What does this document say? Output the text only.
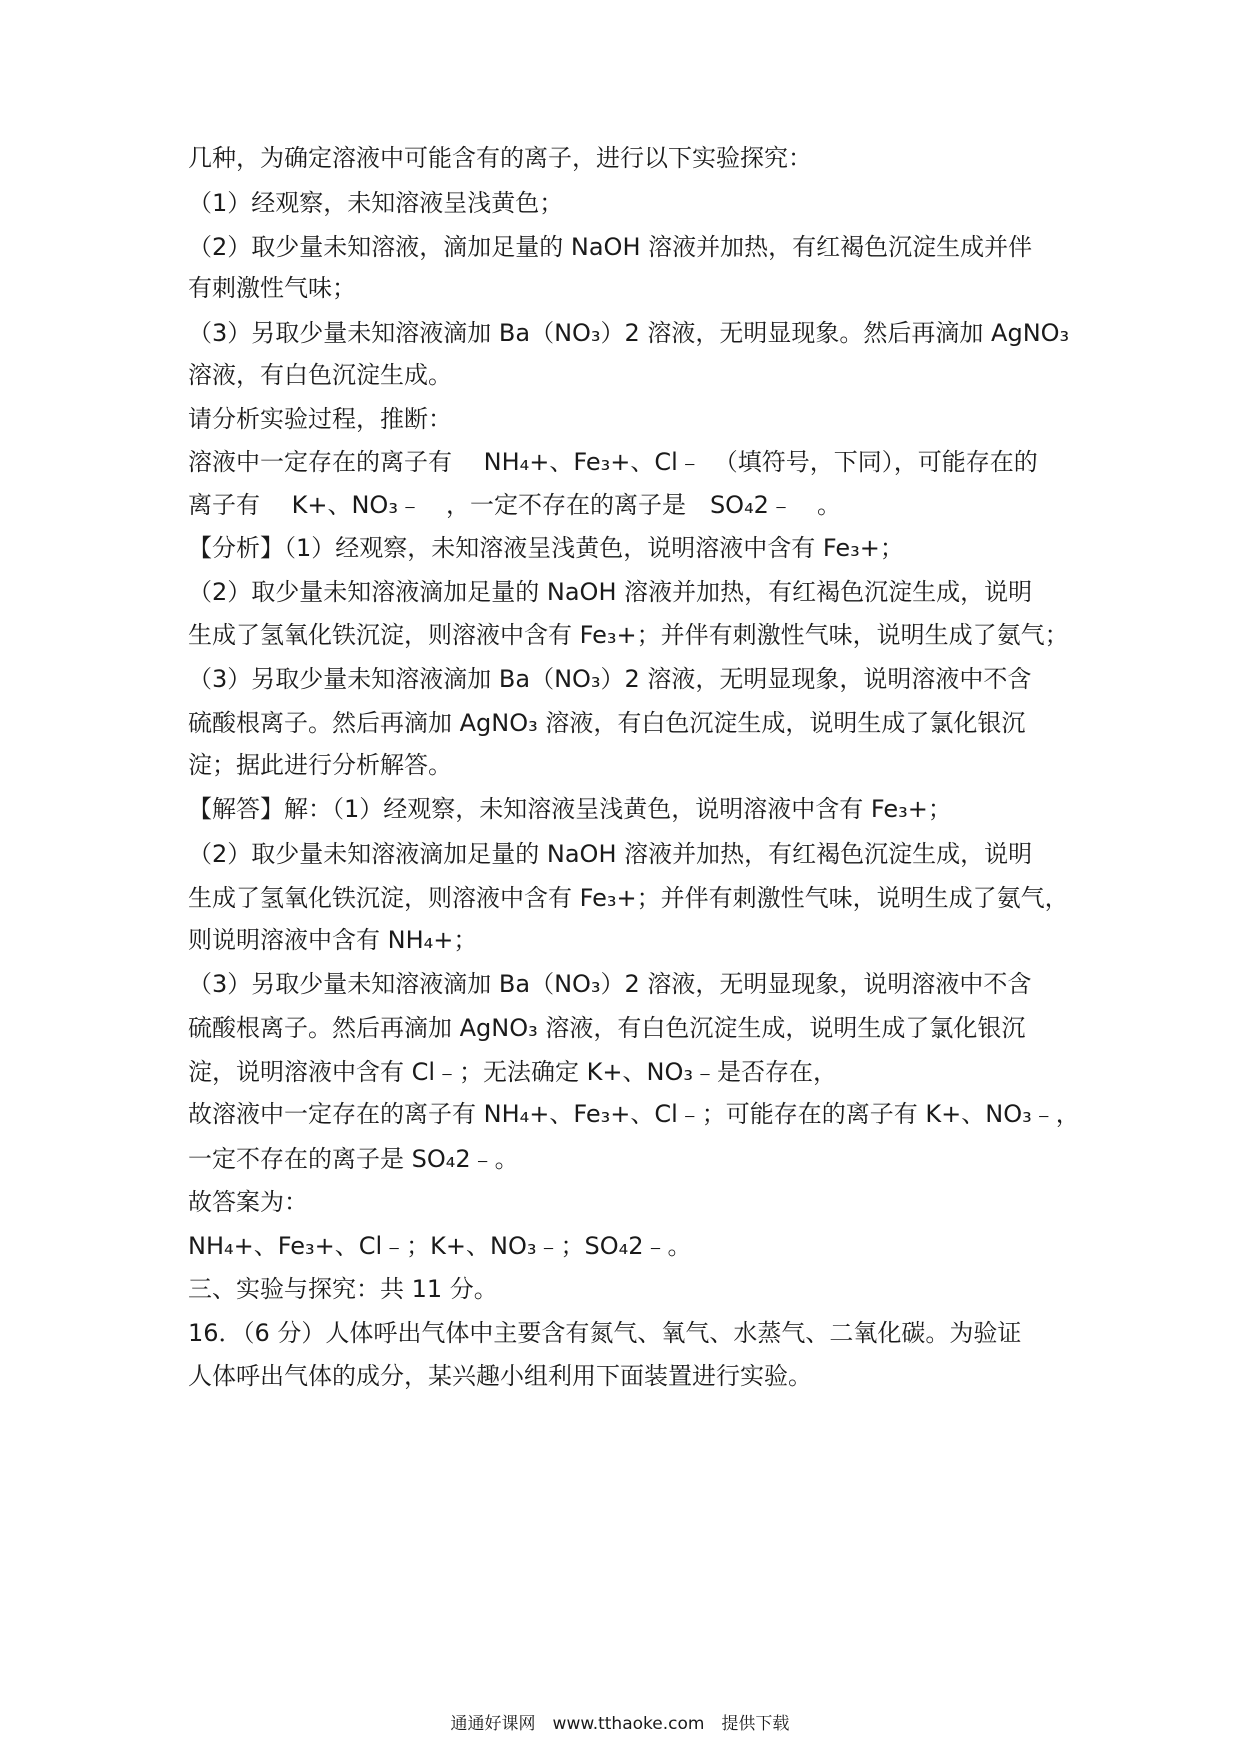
几种，为确定溶液中可能含有的离子，进行以下实验探究：
（1）经观察，未知溶液呈浅黄色；
（2）取少量未知溶液，滴加足量的 NaOH 溶液并加热，有红褐色沉淀生成并伴
有刺激性气味；
（3）另取少量未知溶液滴加 Ba（NO₃）2 溶液，无明显现象。然后再滴加 AgNO₃
溶液，有白色沉淀生成。
请分析实验过程，推断：
溶液中一定存在的离子有　 NH₄+、Fe₃+、Cl﹣　（填符号，下同），可能存在的
离子有　 K+、NO₃﹣　，一定不存在的离子是　SO₄2﹣　。
【分析】（1）经观察，未知溶液呈浅黄色，说明溶液中含有 Fe₃+；
（2）取少量未知溶液滴加足量的 NaOH 溶液并加热，有红褐色沉淀生成，说明
生成了氢氧化铁沉淀，则溶液中含有 Fe₃+；并伴有刺激性气味，说明生成了氨气；
（3）另取少量未知溶液滴加 Ba（NO₃）2 溶液，无明显现象，说明溶液中不含
硫酸根离子。然后再滴加 AgNO₃ 溶液，有白色沉淀生成，说明生成了氯化银沉
淀；据此进行分析解答。
【解答】解：（1）经观察，未知溶液呈浅黄色，说明溶液中含有 Fe₃+；
（2）取少量未知溶液滴加足量的 NaOH 溶液并加热，有红褐色沉淀生成，说明
生成了氢氧化铁沉淀，则溶液中含有 Fe₃+；并伴有刺激性气味，说明生成了氨气，
则说明溶液中含有 NH₄+；
（3）另取少量未知溶液滴加 Ba（NO₃）2 溶液，无明显现象，说明溶液中不含
硫酸根离子。然后再滴加 AgNO₃ 溶液，有白色沉淀生成，说明生成了氯化银沉
淀，说明溶液中含有 Cl﹣；无法确定 K+、NO₃﹣是否存在，
故溶液中一定存在的离子有 NH₄+、Fe₃+、Cl﹣；可能存在的离子有 K+、NO₃﹣，
一定不存在的离子是 SO₄2﹣。
故答案为：
NH₄+、Fe₃+、Cl﹣；K+、NO₃﹣；SO₄2﹣。
三、实验与探究：共 11 分。
16．（6 分）人体呼出气体中主要含有氮气、氧气、水蒸气、二氧化碳。为验证
人体呼出气体的成分，某兴趣小组利用下面装置进行实验。
通通好课网　www.tthaoke.com　提供下载
